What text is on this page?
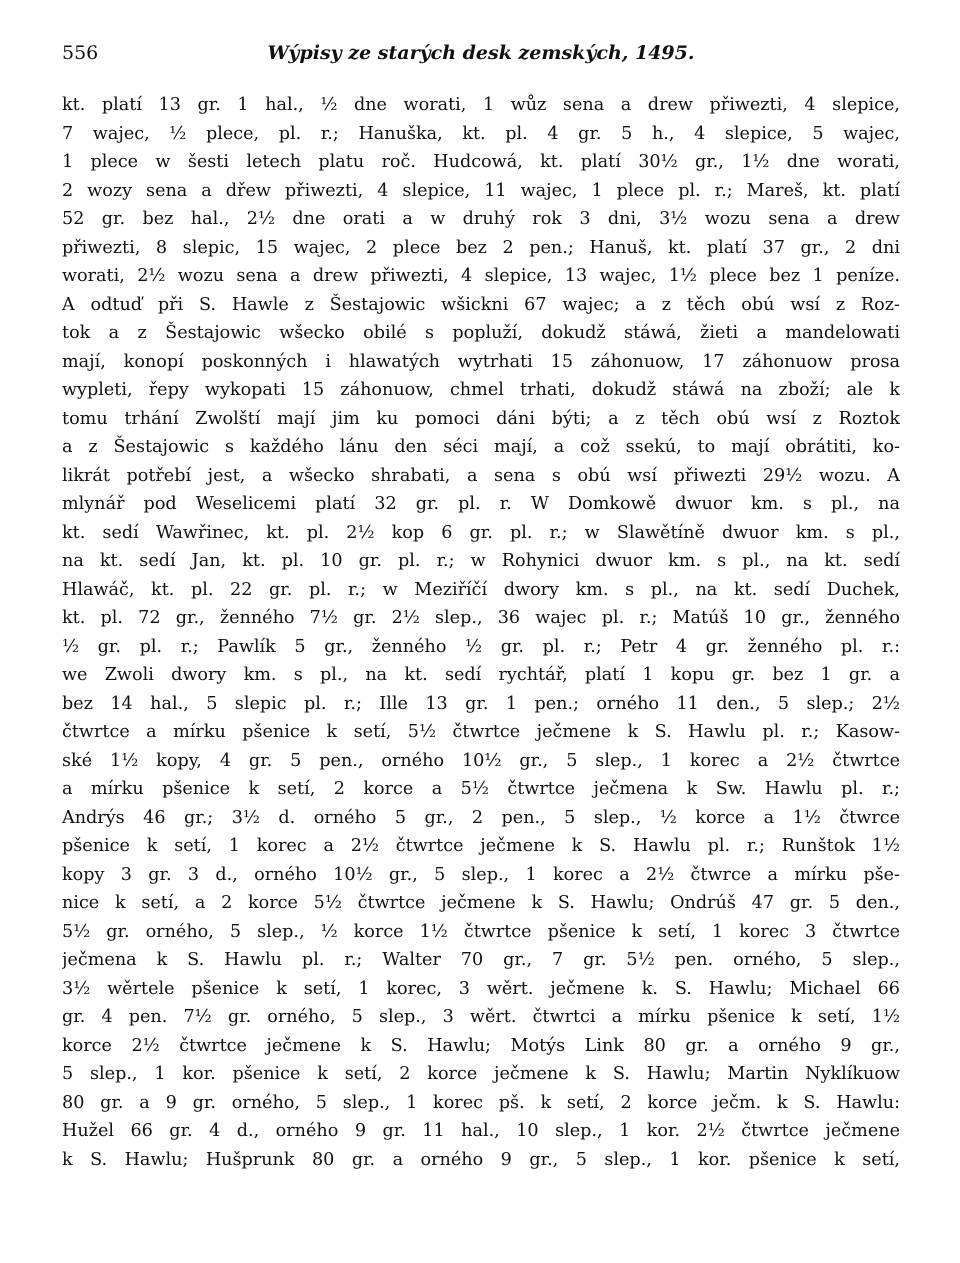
556	Wýpisy ze starých desk zemských, 1495.
kt. platí 13 gr. 1 hal., ½ dne worati, 1 wůz sena a drew přiwezti, 4 slepice,
7 wajec, ½ plece, pl. r.; Hanuška, kt. pl. 4 gr. 5 h., 4 slepice, 5 wajec,
1 plece w šesti letech platu roč. Hudcowá, kt. platí 30½ gr., 1½ dne worati,
2 wozy sena a dřew přiwezti, 4 slepice, 11 wajec, 1 plece pl. r.; Mareš, kt. platí
52 gr. bez hal., 2½ dne orati a w druhý rok 3 dni, 3½ wozu sena a drew
přiwezti, 8 slepic, 15 wajec, 2 plece bez 2 pen.; Hanuš, kt. platí 37 gr., 2 dni
worati, 2½ wozu sena a drew přiwezti, 4 slepice, 13 wajec, 1½ plece bez 1 peníze.
A odtuď při S. Hawle z Šestajowic wšickni 67 wajec; a z těch obú wsí z Roz-
tok a z Šestajowic wšecko obilé s popluží, dokudž stáwá, žieti a mandelowati
mají, konopí poskonných i hlawatých wytrhati 15 záhonuow, 17 záhonuow prosa
wypleti, řepy wykopati 15 záhonuow, chmel trhati, dokudž stáwá na zboží; ale k
tomu trhání Zwolští mají jim ku pomoci dáni býti; a z těch obú wsí z Roztok
a z Šestajowic s každého lánu den séci mají, a což ssekú, to mají obrátiti, ko-
likrát potřebí jest, a wšecko shrabati, a sena s obú wsí přiwezti 29½ wozu. A
mlynář pod Weselicemi platí 32 gr. pl. r. W Domkowě dwuor km. s pl., na
kt. sedí Wawřinec, kt. pl. 2½ kop 6 gr. pl. r.; w Slawětíně dwuor km. s pl.,
na kt. sedí Jan, kt. pl. 10 gr. pl. r.; w Rohynici dwuor km. s pl., na kt. sedí
Hlawáč, kt. pl. 22 gr. pl. r.; w Meziříčí dwory km. s pl., na kt. sedí Duchek,
kt. pl. 72 gr., ženného 7½ gr. 2½ slep., 36 wajec pl. r.; Matúš 10 gr., ženného
½ gr. pl. r.; Pawlík 5 gr., ženného ½ gr. pl. r.; Petr 4 gr. ženného pl. r.:
we Zwoli dwory km. s pl., na kt. sedí rychtář, platí 1 kopu gr. bez 1 gr. a
bez 14 hal., 5 slepic pl. r.; Ille 13 gr. 1 pen.; orného 11 den., 5 slep.; 2½
čtwrtce a mírku pšenice k setí, 5½ čtwrtce ječmene k S. Hawlu pl. r.; Kasow-
ské 1½ kopy, 4 gr. 5 pen., orného 10½ gr., 5 slep., 1 korec a 2½ čtwrtce
a mírku pšenice k setí, 2 korce a 5½ čtwrtce ječmena k Sw. Hawlu pl. r.;
Andrýs 46 gr.; 3½ d. orného 5 gr., 2 pen., 5 slep., ½ korce a 1½ čtwrce
pšenice k setí, 1 korec a 2½ čtwrtce ječmene k S. Hawlu pl. r.; Runštok 1½
kopy 3 gr. 3 d., orného 10½ gr., 5 slep., 1 korec a 2½ čtwrce a mírku pše-
nice k setí, a 2 korce 5½ čtwrtce ječmene k S. Hawlu; Ondrúš 47 gr. 5 den.,
5½ gr. orného, 5 slep., ½ korce 1½ čtwrtce pšenice k setí, 1 korec 3 čtwrtce
ječmena k S. Hawlu pl. r.; Walter 70 gr., 7 gr. 5½ pen. orného, 5 slep.,
3½ wěrtele pšenice k setí, 1 korec, 3 wěrt. ječmene k. S. Hawlu; Michael 66
gr. 4 pen. 7½ gr. orného, 5 slep., 3 wěrt. čtwrtci a mírku pšenice k setí, 1½
korce 2½ čtwrtce ječmene k S. Hawlu; Motýs Link 80 gr. a orného 9 gr.,
5 slep., 1 kor. pšenice k setí, 2 korce ječmene k S. Hawlu; Martin Nyklíkuow
80 gr. a 9 gr. orného, 5 slep., 1 korec pš. k setí, 2 korce ječm. k S. Hawlu:
Hužel 66 gr. 4 d., orného 9 gr. 11 hal., 10 slep., 1 kor. 2½ čtwrtce ječmene
k S. Hawlu; Hušprunk 80 gr. a orného 9 gr., 5 slep., 1 kor. pšenice k setí,
